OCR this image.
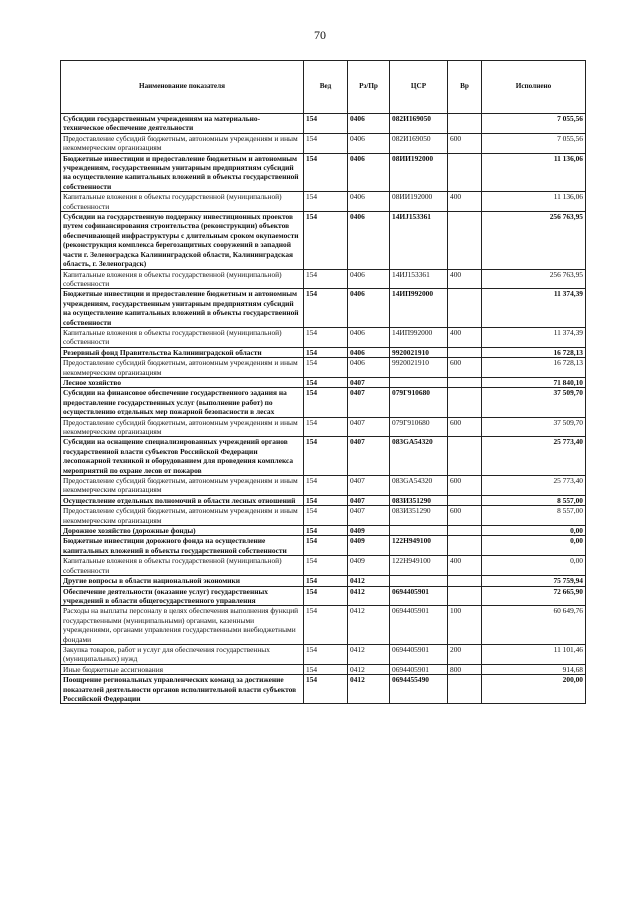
70
Наименование показателя	Вед	Рз/Пр	ЦСР	Вр	Исполнено
Субсидии государственным учреждениям на материально-техническое обеспечение деятельности	154	0406	082И169050		7 055,56
Предоставление субсидий бюджетным, автономным учреждениям и иным некоммерческим организациям	154	0406	082И169050	600	7 055,56
Бюджетные инвестиции и предоставление бюджетным и автономным учреждениям, государственным унитарным предприятиям субсидий на осуществление капитальных вложений в объекты государственной собственности	154	0406	08ИИ192000		11 136,06
Капитальные вложения в объекты государственной (муниципальной) собственности	154	0406	08ИИ192000	400	11 136,06
Субсидии на государственную поддержку инвестиционных проектов путем софинансирования строительства (реконструкции) объектов обеспечивающей инфраструктуры с длительным сроком окупаемости (реконструкция комплекса берегозащитных сооружений в западной части г. Зеленоградска Калининградской области, Калининградская область, г. Зеленоградск)	154	0406	14ИJ153361		256 763,95
Капитальные вложения в объекты государственной (муниципальной) собственности	154	0406	14ИJ153361	400	256 763,95
Бюджетные инвестиции и предоставление бюджетным и автономным учреждениям, государственным унитарным предприятиям субсидий на осуществление капитальных вложений в объекты государственной собственности	154	0406	14ИП992000		11 374,39
Капитальные вложения в объекты государственной (муниципальной) собственности	154	0406	14ИП992000	400	11 374,39
Резервный фонд Правительства Калининградской области	154	0406	9920021910		16 728,13
Предоставление субсидий бюджетным, автономным учреждениям и иным некоммерческим организациям	154	0406	9920021910	600	16 728,13
Лесное хозяйство	154	0407			71 840,10
Субсидии на финансовое обеспечение государственного задания на предоставление государственных услуг (выполнение работ) по осуществлению отдельных мер пожарной безопасности в лесах	154	0407	079Г910680		37 509,70
Предоставление субсидий бюджетным, автономным учреждениям и иным некоммерческим организациям	154	0407	079Г910680	600	37 509,70
Субсидии на оснащение специализированных учреждений органов государственной власти субъектов Российской Федерации лесопожарной техникой и оборудованием для проведения комплекса мероприятий по охране лесов от пожаров	154	0407	083GA54320		25 773,40
Предоставление субсидий бюджетным, автономным учреждениям и иным некоммерческим организациям	154	0407	083GA54320	600	25 773,40
Осуществление отдельных полномочий в области лесных отношений	154	0407	083И351290		8 557,00
Предоставление субсидий бюджетным, автономным учреждениям и иным некоммерческим организациям	154	0407	083И351290	600	8 557,00
Дорожное хозяйство (дорожные фонды)	154	0409			0,00
Бюджетные инвестиции дорожного фонда на осуществление капитальных вложений в объекты государственной собственности	154	0409	122Н949100		0,00
Капитальные вложения в объекты государственной (муниципальной) собственности	154	0409	122Н949100	400	0,00
Другие вопросы в области национальной экономики	154	0412			75 759,94
Обеспечение деятельности (оказание услуг) государственных учреждений в области общегосударственного управления	154	0412	0694405901		72 665,90
Расходы на выплаты персоналу в целях обеспечения выполнения функций государственными (муниципальными) органами, казенными учреждениями, органами управления государственными внебюджетными фондами	154	0412	0694405901	100	60 649,76
Закупка товаров, работ и услуг для обеспечения государственных (муниципальных) нужд	154	0412	0694405901	200	11 101,46
Иные бюджетные ассигнования	154	0412	0694405901	800	914,68
Поощрение региональных управленческих команд за достижение показателей деятельности органов исполнительной власти субъектов Российской Федерации	154	0412	0694455490		200,00
